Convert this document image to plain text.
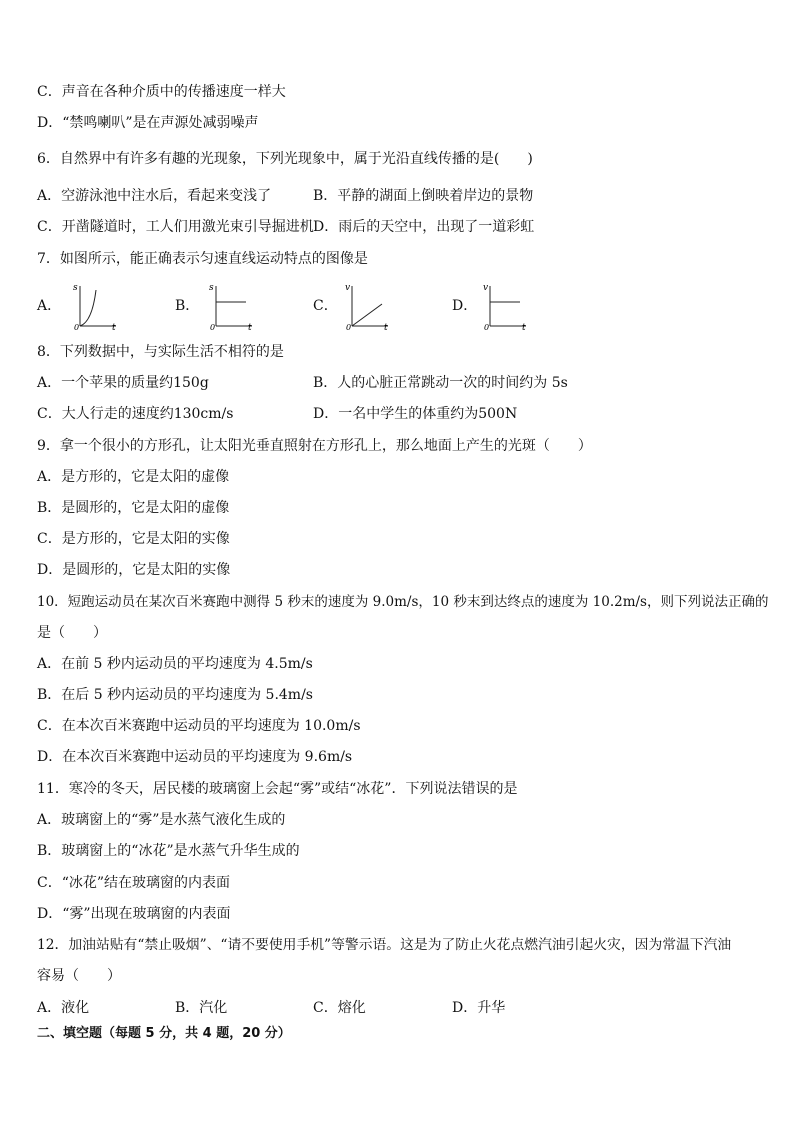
C．声音在各种介质中的传播速度一样大
D．“禁鸣喇叭”是在声源处减弱噪声
6．自然界中有许多有趣的光现象，下列光现象中，属于光沿直线传播的是(　　)
A．空游泳池中注水后，看起来变浅了	B．平静的湖面上倒映着岸边的景物
C．开凿隧道时，工人们用激光束引导掘进机 D．雨后的天空中，出现了一道彩虹
7．如图所示，能正确表示匀速直线运动特点的图像是
A．
s
0	t
B．
s
0	t
C．
v
0	t
D．
v
0	t
8．下列数据中，与实际生活不相符的是
A．一个苹果的质量约150g	B．人的心脏正常跳动一次的时间约为 5s
C．大人行走的速度约130cm/s	D．一名中学生的体重约为500N
9．拿一个很小的方形孔，让太阳光垂直照射在方形孔上，那么地面上产生的光斑（　　）
A．是方形的，它是太阳的虚像
B．是圆形的，它是太阳的虚像
C．是方形的，它是太阳的实像
D．是圆形的，它是太阳的实像
10．短跑运动员在某次百米赛跑中测得 5 秒末的速度为 9.0m/s，10 秒末到达终点的速度为 10.2m/s，则下列说法正确的
是（　　）
A．在前 5 秒内运动员的平均速度为 4.5m/s
B．在后 5 秒内运动员的平均速度为 5.4m/s
C．在本次百米赛跑中运动员的平均速度为 10.0m/s
D．在本次百米赛跑中运动员的平均速度为 9.6m/s
11．寒冷的冬天，居民楼的玻璃窗上会起“雾”或结“冰花”．下列说法错误的是
A．玻璃窗上的“雾”是水蒸气液化生成的
B．玻璃窗上的“冰花”是水蒸气升华生成的
C．“冰花”结在玻璃窗的内表面
D．“雾”出现在玻璃窗的内表面
12．加油站贴有“禁止吸烟”、“请不要使用手机”等警示语。这是为了防止火花点燃汽油引起火灾，因为常温下汽油
容易（　　）
A．液化	B．汽化	C．熔化	D．升华
二、填空题（每题 5 分，共 4 题，20 分）
